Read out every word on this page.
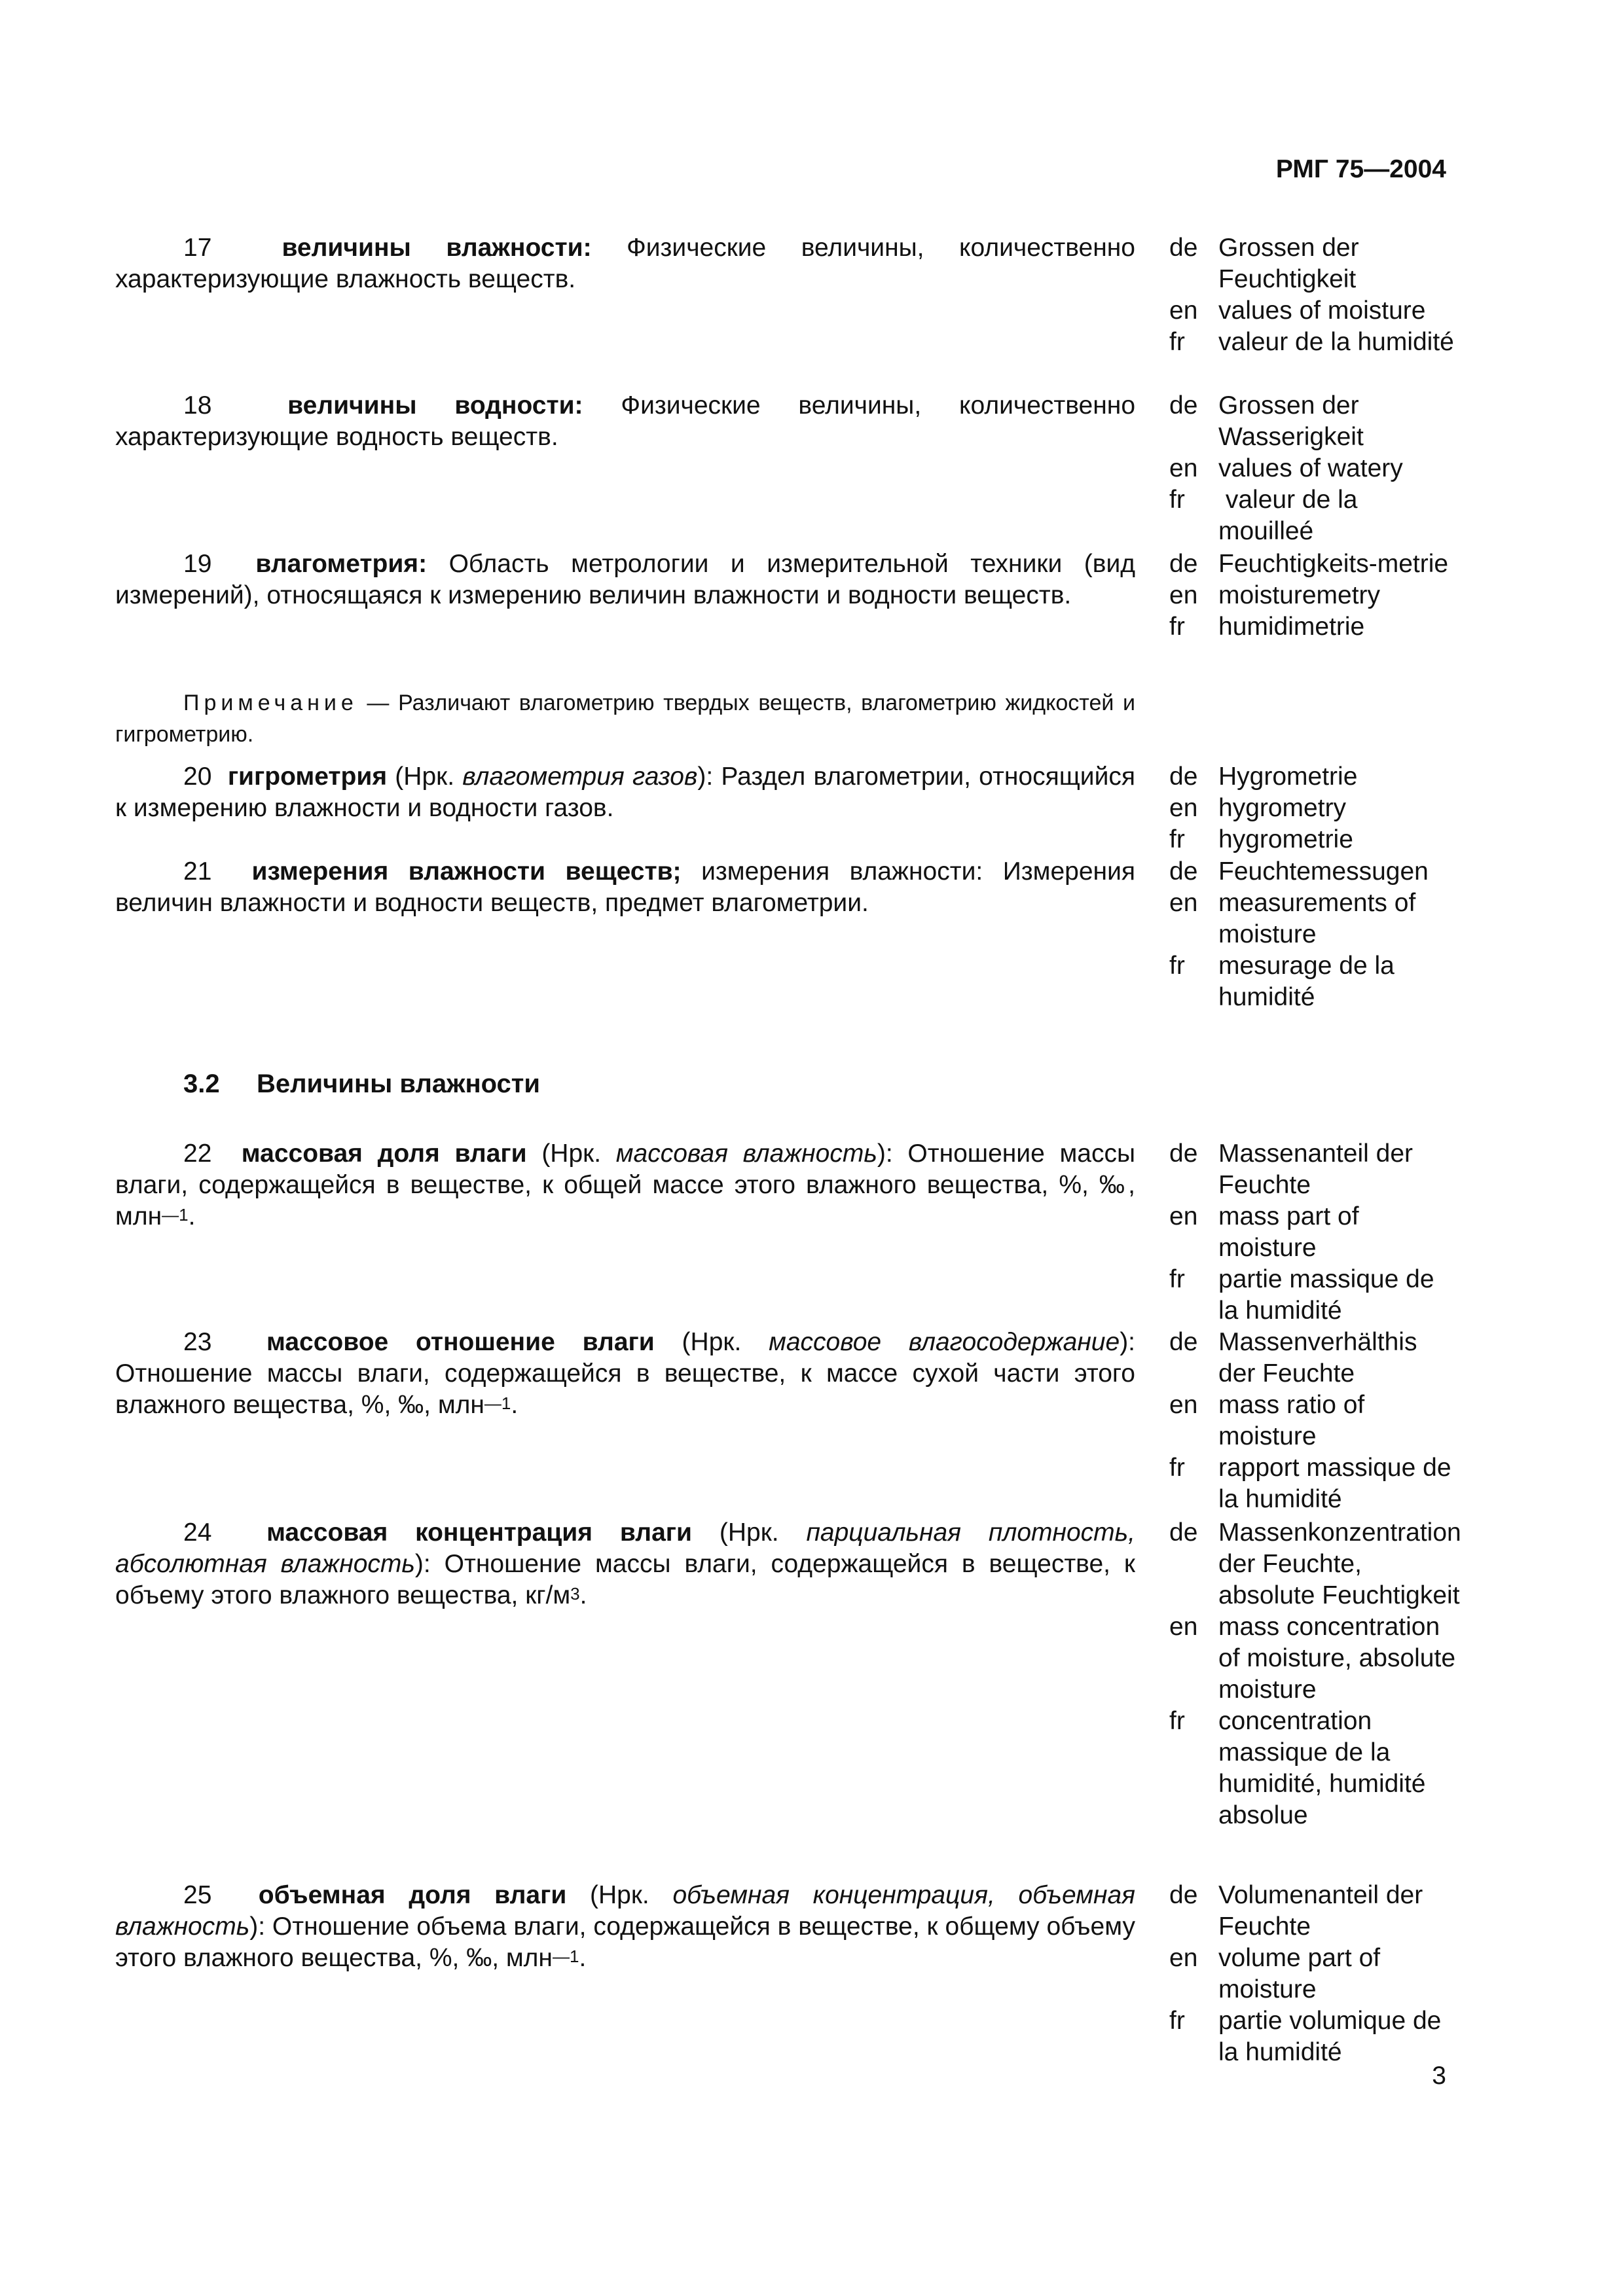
РМГ 75—2004
17	величины влажности: Физические величины, количественно характеризующие влажность веществ.
de Grossen der Feuchtigkeit
en values of moisture
fr	valeur de la humidité
18	величины водности: Физические величины, количественно характеризующие водность веществ.
de Grossen der Wasserigkeit
en values of watery
fr	valeur de la mouilleé
19 влагометрия: Область метрологии и измерительной техники (вид измерений), относящаяся к измерению величин влажности и водности веществ.
de Feuchtigkeits-metrie
en moisturemetry
fr	humidimetrie
Примечание — Различают влагометрию твердых веществ, влагометрию жидкостей и гигрометрию.
20 гигрометрия (Нрк. влагометрия газов): Раздел влагометрии, относящийся к измерению влажности и водности газов.
de Hygrometrie
en hygrometry
fr	hygrometrie
21 измерения влажности веществ; измерения влажности: Измерения величин влажности и водности веществ, предмет влагометрии.
de Feuchtemessugen
en measurements of moisture
fr	mesurage de la humidité
3.2 Величины влажности
22 массовая доля влаги (Нрк. массовая влажность): Отношение массы влаги, содержащейся в веществе, к общей массе этого влажного вещества, %, ‰, млн$^{—1}$.
de Massenanteil der Feuchte
en mass part of moisture
fr	partie massique de la humidité
23 массовое отношение влаги (Нрк. массовое влагосодержание): Отношение массы влаги, содержащейся в веществе, к массе сухой части этого влажного вещества, %, ‰, млн$^{—1}$.
de Massenverhälthis der Feuchte
en mass ratio of moisture
fr	rapport massique de la humidité
24 массовая концентрация влаги (Нрк. парциальная плотность, абсолютная влажность): Отношение массы влаги, содержащейся в веществе, к объему этого влажного вещества, $кг/м^3$.
de Massenkonzentration der Feuchte, absolute Feuchtigkeit
en mass concentration of moisture, absolute moisture
fr	concentration massique de la humidité, humidité absolue
25 объемная доля влаги (Нрк. объемная концентрация, объемная влажность): Отношение объема влаги, содержащейся в веществе, к общему объему этого влажного вещества, %, ‰, млн$^{—1}$.
de Volumenanteil der Feuchte
en volume part of moisture
fr	partie volumique de la humidité
3
